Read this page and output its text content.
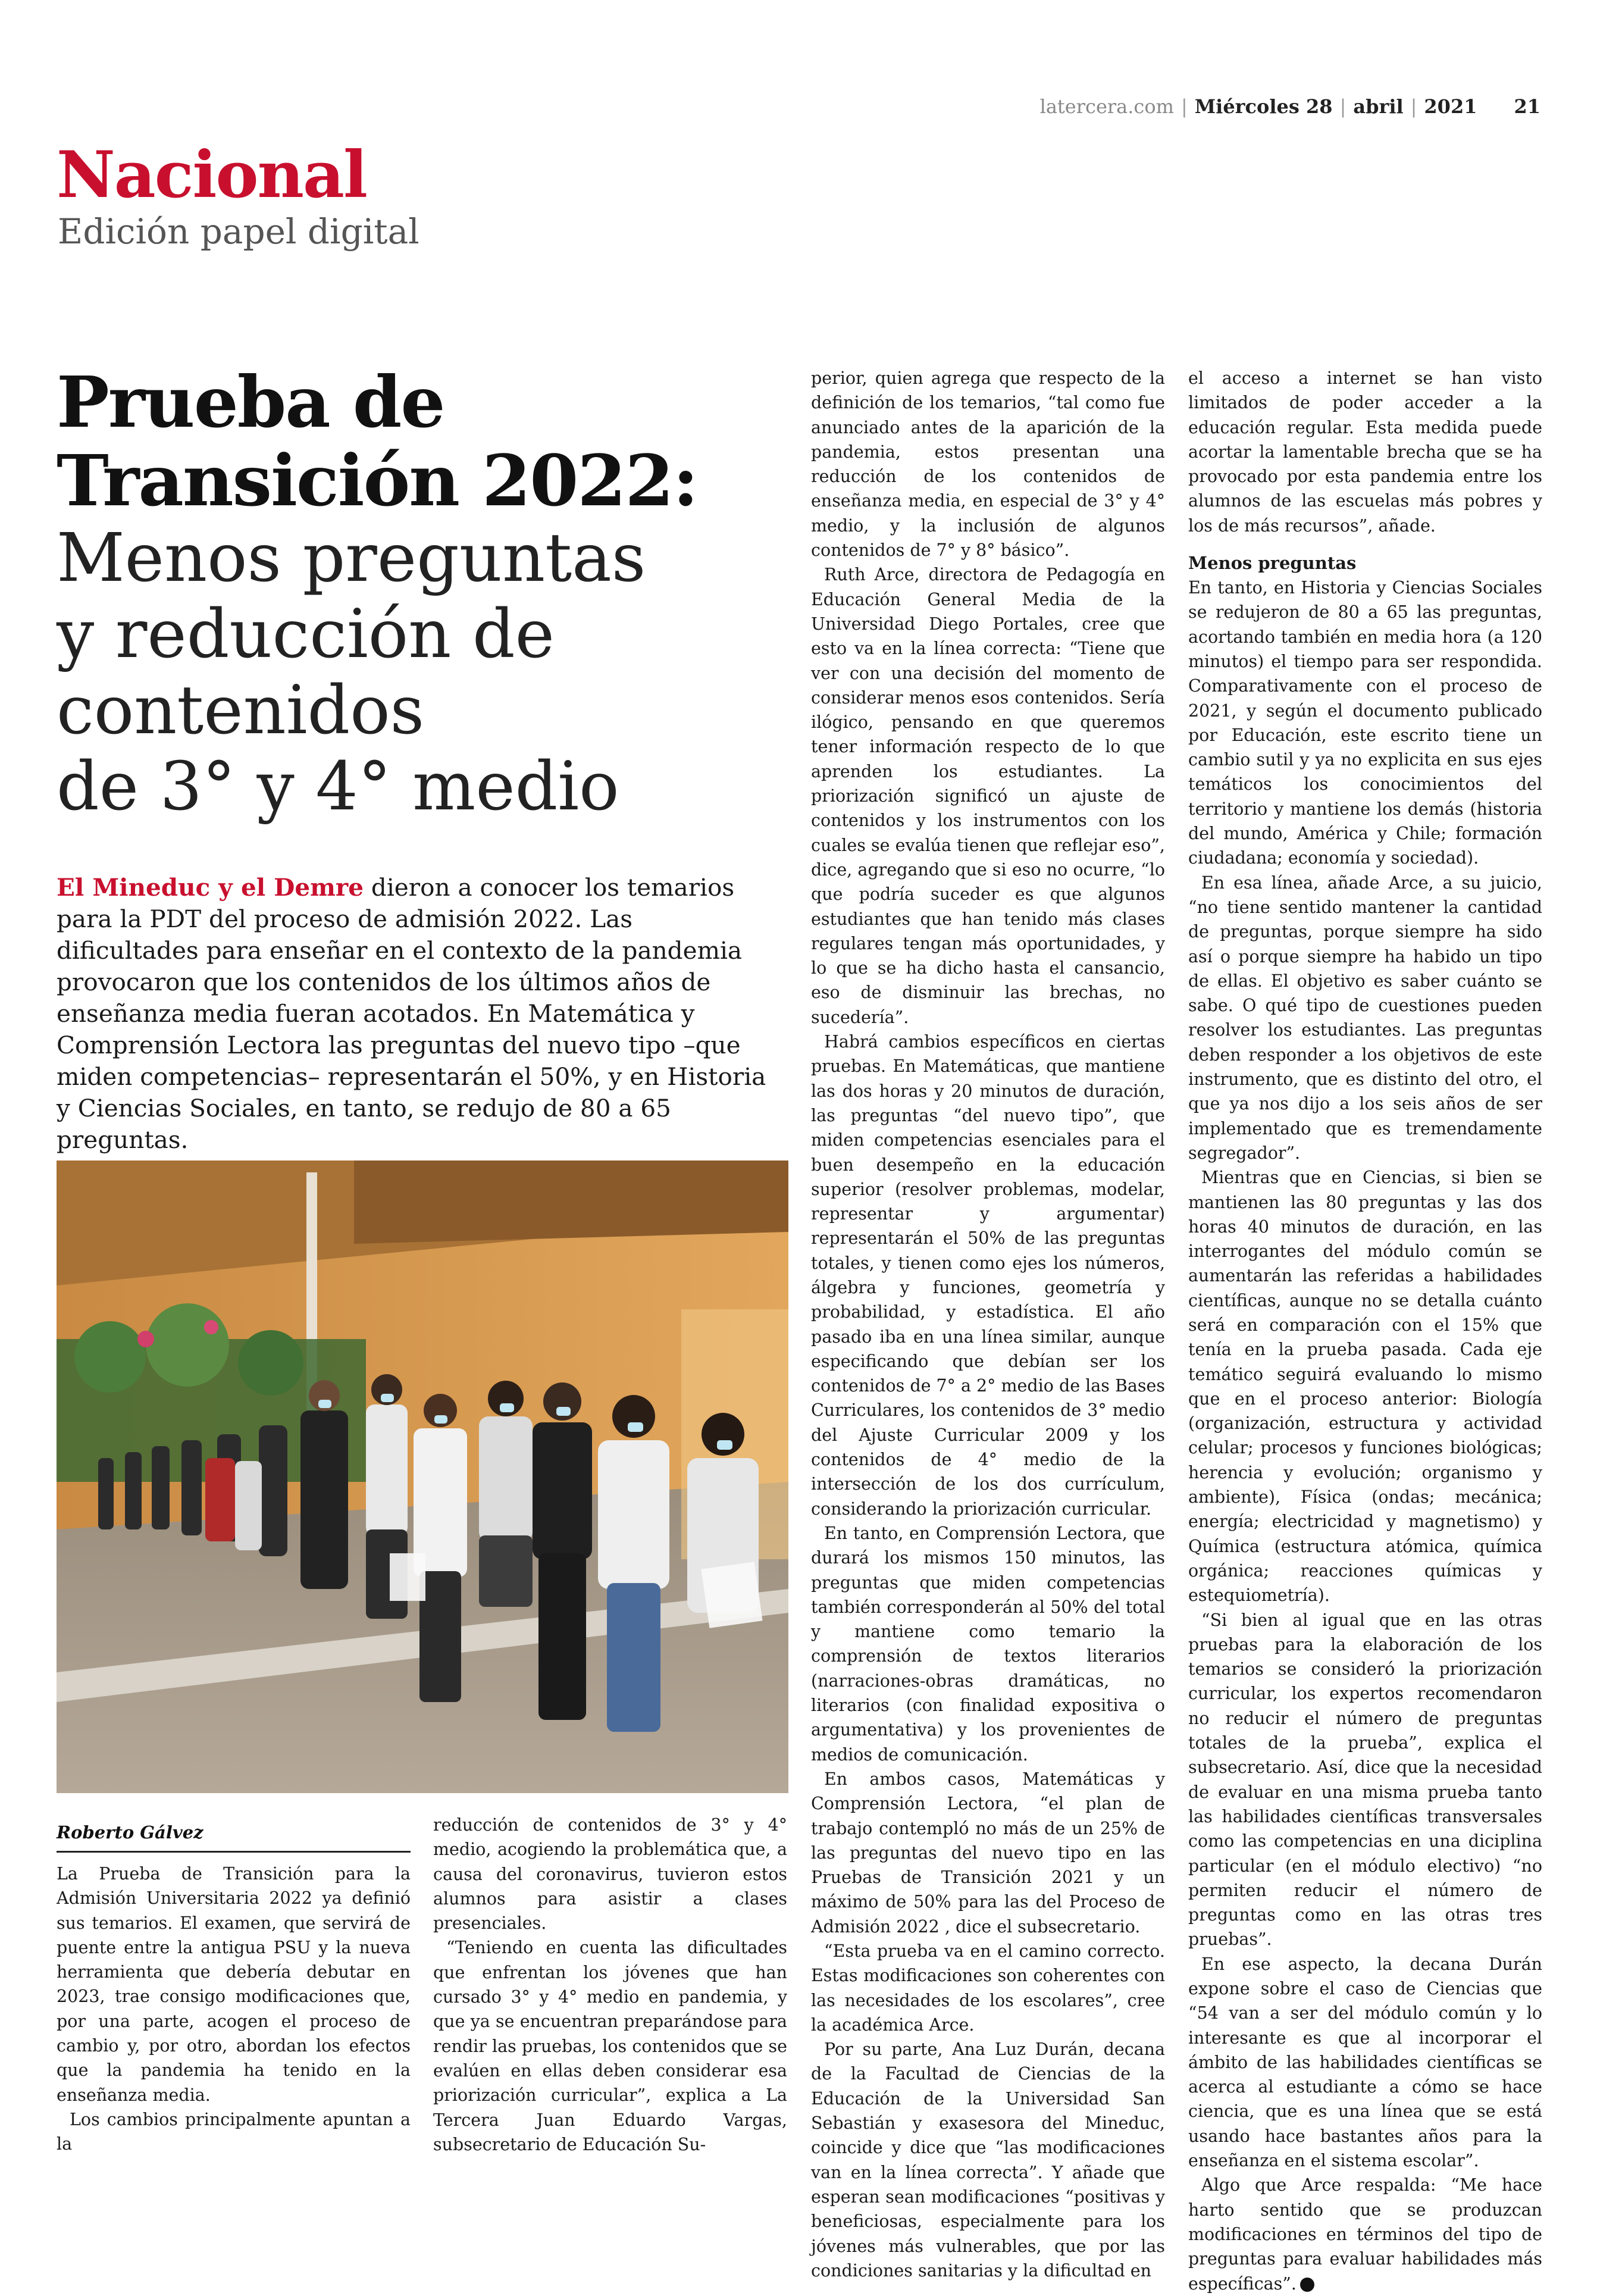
latercera.com | Miércoles 28 | abril | 2021 21
Nacional
Edición papel digital
Prueba de
Transición 2022:
Menos preguntas
y reducción de
contenidos
de 3° y 4° medio
El Mineduc y el Demre dieron a conocer los temarios para la PDT del proceso de admisión 2022. Las dificultades para enseñar en el contexto de la pandemia provocaron que los contenidos de los últimos años de enseñanza media fueran acotados. En Matemática y Comprensión Lectora las preguntas del nuevo tipo –que miden competencias– representarán el 50%, y en Historia y Ciencias Sociales, en tanto, se redujo de 80 a 65 preguntas.
Roberto Gálvez

La Prueba de Transición para la Admisión Universitaria 2022 ya definió sus temarios. El examen, que servirá de puente entre la antigua PSU y la nueva herramienta que debería debutar en 2023, trae consigo modificaciones que, por una parte, acogen el proceso de cambio y, por otro, abordan los efectos que la pandemia ha tenido en la enseñanza media.

Los cambios principalmente apuntan a la

reducción de contenidos de 3° y 4° medio, acogiendo la problemática que, a causa del coronavirus, tuvieron estos alumnos para asistir a clases presenciales.

“Teniendo en cuenta las dificultades que enfrentan los jóvenes que han cursado 3° y 4° medio en pandemia, y que ya se encuentran preparándose para rendir las pruebas, los contenidos que se evalúen en ellas deben considerar esa priorización curricular”, explica a La Tercera Juan Eduardo Vargas, subsecretario de Educación Su-

perior, quien agrega que respecto de la definición de los temarios, “tal como fue anunciado antes de la aparición de la pandemia, estos presentan una reducción de los contenidos de enseñanza media, en especial de 3° y 4° medio, y la inclusión de algunos contenidos de 7° y 8° básico”.

Ruth Arce, directora de Pedagogía en Educación General Media de la Universidad Diego Portales, cree que esto va en la línea correcta: “Tiene que ver con una decisión del momento de considerar menos esos contenidos. Sería ilógico, pensando en que queremos tener información respecto de lo que aprenden los estudiantes. La priorización significó un ajuste de contenidos y los instrumentos con los cuales se evalúa tienen que reflejar eso”, dice, agregando que si eso no ocurre, “lo que podría suceder es que algunos estudiantes que han tenido más clases regulares tengan más oportunidades, y lo que se ha dicho hasta el cansancio, eso de disminuir las brechas, no sucedería”.

Habrá cambios específicos en ciertas pruebas. En Matemáticas, que mantiene las dos horas y 20 minutos de duración, las preguntas “del nuevo tipo”, que miden competencias esenciales para el buen desempeño en la educación superior (resolver problemas, modelar, representar y argumentar) representarán el 50% de las preguntas totales, y tienen como ejes los números, álgebra y funciones, geometría y probabilidad, y estadística. El año pasado iba en una línea similar, aunque especificando que debían ser los contenidos de 7° a 2° medio de las Bases Curriculares, los contenidos de 3° medio del Ajuste Curricular 2009 y los contenidos de 4° medio de la intersección de los dos currículum, considerando la priorización curricular.

En tanto, en Comprensión Lectora, que durará los mismos 150 minutos, las preguntas que miden competencias también corresponderán al 50% del total y mantiene como temario la comprensión de textos literarios (narraciones-obras dramáticas, no literarios (con finalidad expositiva o argumentativa) y los provenientes de medios de comunicación.

En ambos casos, Matemáticas y Comprensión Lectora, “el plan de trabajo contempló no más de un 25% de las preguntas del nuevo tipo en las Pruebas de Transición 2021 y un máximo de 50% para las del Proceso de Admisión 2022 , dice el subsecretario.

“Esta prueba va en el camino correcto. Estas modificaciones son coherentes con las necesidades de los escolares”, cree la académica Arce.

Por su parte, Ana Luz Durán, decana de la Facultad de Ciencias de la Educación de la Universidad San Sebastián y exasesora del Mineduc, coincide y dice que “las modificaciones van en la línea correcta”. Y añade que esperan sean modificaciones “positivas y beneficiosas, especialmente para los jóvenes más vulnerables, que por las condiciones sanitarias y la dificultad en

el acceso a internet se han visto limitados de poder acceder a la educación regular. Esta medida puede acortar la lamentable brecha que se ha provocado por esta pandemia entre los alumnos de las escuelas más pobres y los de más recursos”, añade.

Menos preguntas

En tanto, en Historia y Ciencias Sociales se redujeron de 80 a 65 las preguntas, acortando también en media hora (a 120 minutos) el tiempo para ser respondida. Comparativamente con el proceso de 2021, y según el documento publicado por Educación, este escrito tiene un cambio sutil y ya no explicita en sus ejes temáticos los conocimientos del territorio y mantiene los demás (historia del mundo, América y Chile; formación ciudadana; economía y sociedad).

En esa línea, añade Arce, a su juicio, “no tiene sentido mantener la cantidad de preguntas, porque siempre ha sido así o porque siempre ha habido un tipo de ellas. El objetivo es saber cuánto se sabe. O qué tipo de cuestiones pueden resolver los estudiantes. Las preguntas deben responder a los objetivos de este instrumento, que es distinto del otro, el que ya nos dijo a los seis años de ser implementado que es tremendamente segregador”.

Mientras que en Ciencias, si bien se mantienen las 80 preguntas y las dos horas 40 minutos de duración, en las interrogantes del módulo común se aumentarán las referidas a habilidades científicas, aunque no se detalla cuánto será en comparación con el 15% que tenía en la prueba pasada. Cada eje temático seguirá evaluando lo mismo que en el proceso anterior: Biología (organización, estructura y actividad celular; procesos y funciones biológicas; herencia y evolución; organismo y ambiente), Física (ondas; mecánica; energía; electricidad y magnetismo) y Química (estructura atómica, química orgánica; reacciones químicas y estequiometría).

“Si bien al igual que en las otras pruebas para la elaboración de los temarios se consideró la priorización curricular, los expertos recomendaron no reducir el número de preguntas totales de la prueba”, explica el subsecretario. Así, dice que la necesidad de evaluar en una misma prueba tanto las habilidades científicas transversales como las competencias en una diciplina particular (en el módulo electivo) “no permiten reducir el número de preguntas como en las otras tres pruebas”.

En ese aspecto, la decana Durán expone sobre el caso de Ciencias que “54 van a ser del módulo común y lo interesante es que al incorporar el ámbito de las habilidades científicas se acerca al estudiante a cómo se hace ciencia, que es una línea que se está usando hace bastantes años para la enseñanza en el sistema escolar”.

Algo que Arce respalda: “Me hace harto sentido que se produzcan modificaciones en términos del tipo de preguntas para evaluar habilidades más específicas”.
